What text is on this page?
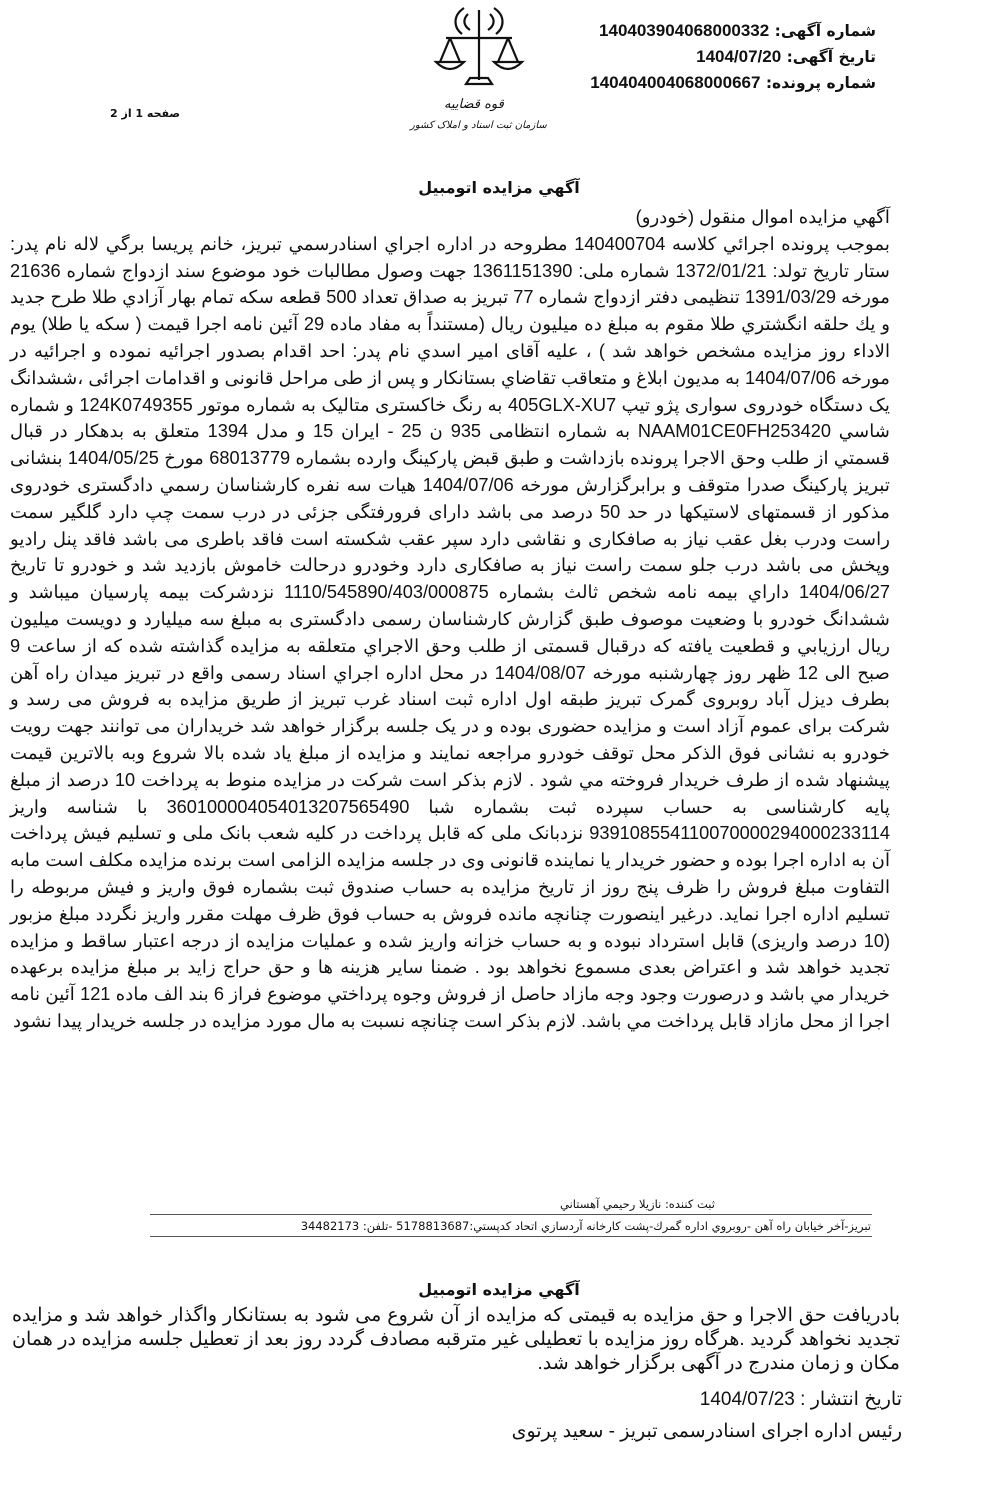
قوه قضاییه
سازمان ثبت اسناد و املاک کشور
شماره آگهی: 140403904068000332
تاریخ آگهی: 1404/07/20
شماره پرونده: 140404004068000667
صفحه 1 از 2
آگهي مزايده اتومبيل

آگهي مزايده اموال منقول (خودرو)

بموجب پرونده اجرائي كلاسه 140400704 مطروحه در اداره اجراي اسنادرسمي تبريز، خانم پريسا برگي لاله نام پدر: ستار تاريخ تولد: 1372/01/21 شماره ملی: 1361151390 جهت وصول مطالبات خود موضوع سند ازدواج شماره 21636 مورخه 1391/03/29 تنظيمی دفتر ازدواج شماره 77 تبريز به صداق تعداد 500 قطعه سكه تمام بهار آزادي طلا طرح جديد و يك حلقه انگشتري طلا مقوم به مبلغ ده ميليون ريال (مستنداً به مفاد ماده 29 آئين نامه اجرا قيمت ( سكه يا طلا) يوم الاداء روز مزايده مشخص خواهد شد ) ، عليه آقای امير اسدي نام پدر: احد اقدام بصدور اجرائيه نموده و اجرائيه در مورخه 1404/07/06 به مديون ابلاغ و متعاقب تقاضاي بستانكار و پس از طی مراحل قانونی و اقدامات اجرائی ،ششدانگ يک دستگاه خودروی سواری پژو تيپ 405GLX-XU7 به رنگ خاکستری متاليک به شماره موتور 124K0749355 و شماره شاسي NAAM01CE0FH253420 به شماره انتظامی 935 ن 25 - ايران 15 و مدل 1394 متعلق به بدهكار در قبال قسمتي از طلب وحق الاجرا پرونده بازداشت و طبق قبض پاركينگ وارده بشماره 68013779 مورخ 1404/05/25 بنشانی تبريز پاركينگ صدرا متوقف و برابرگزارش مورخه 1404/07/06 هيات سه نفره كارشناسان رسمي دادگستری خودروی مذكور از قسمتهای لاستيکها در حد 50 درصد می باشد دارای فرورفتگی جزئی در درب سمت چپ دارد گلگير سمت راست ودرب بغل عقب نياز به صافکاری و نقاشی دارد سپر عقب شکسته است فاقد باطری می باشد فاقد پنل راديو وپخش می باشد درب جلو سمت راست نياز به صافکاری دارد وخودرو درحالت خاموش بازديد شد و خودرو تا تاريخ 1404/06/27 داراي بيمه نامه شخص ثالث بشماره 1110/545890/403/000875 نزدشركت بيمه پارسيان ميباشد و ششدانگ خودرو با وضعيت موصوف طبق گزارش كارشناسان رسمی دادگستری به مبلغ سه ميليارد و دويست ميليون ريال ارزيابي و قطعيت يافته كه درقبال قسمتی از طلب وحق الاجراي متعلقه به مزايده گذاشته شده كه از ساعت 9 صبح الی 12 ظهر روز چهارشنبه مورخه 1404/08/07 در محل اداره اجراي اسناد رسمی واقع در تبريز ميدان راه آهن بطرف ديزل آباد روبروی گمرک تبريز طبقه اول اداره ثبت اسناد غرب تبريز از طريق مزايده به فروش می رسد و شركت برای عموم آزاد است و مزايده حضوری بوده و در يک جلسه برگزار خواهد شد خريداران می توانند جهت رويت خودرو به نشانی فوق الذكر محل توقف خودرو مراجعه نمايند و مزايده از مبلغ ياد شده بالا شروع وبه بالاترين قيمت پيشنهاد شده از طرف خريدار فروخته مي شود . لازم بذكر است شركت در مزايده منوط به پرداخت 10 درصد از مبلغ پايه كارشناسی به حساب سپرده ثبت بشماره شبا 360100004054013207565490 با شناسه واريز 939108554110070000294000233114 نزدبانک ملی كه قابل پرداخت در كليه شعب بانک ملی و تسليم فيش پرداخت آن به اداره اجرا بوده و حضور خريدار يا نماينده قانونی وی در جلسه مزايده الزامی است برنده مزايده مكلف است مابه التفاوت مبلغ فروش را ظرف پنج روز از تاريخ مزايده به حساب صندوق ثبت بشماره فوق واريز و فيش مربوطه را تسليم اداره اجرا نمايد. درغير اينصورت چنانچه مانده فروش به حساب فوق ظرف مهلت مقرر واريز نگردد مبلغ مزبور (10 درصد واريزی) قابل استرداد نبوده و به حساب خزانه واريز شده و عمليات مزايده از درجه اعتبار ساقط و مزايده تجديد خواهد شد و اعتراض بعدی مسموع نخواهد بود . ضمنا ساير هزينه ها و حق حراج زايد بر مبلغ مزايده برعهده خريدار مي باشد و درصورت وجود وجه مازاد حاصل از فروش وجوه پرداختي موضوع فراز 6 بند الف ماده 121 آئين نامه اجرا از محل مازاد قابل پرداخت مي باشد. لازم بذكر است چنانچه نسبت به مال مورد مزايده در جلسه خريدار پيدا نشود

ثبت كننده: نازيلا رحيمي آهستاني
تبريز-آخر خيابان راه آهن -روبروي اداره گمرك-پشت كارخانه آردسازي اتحاد كدپستي:5178813687 -تلفن: 34482173
آگهي مزايده اتومبيل

بادريافت حق الاجرا و حق مزايده به قيمتی كه مزايده از آن شروع می شود به بستانكار واگذار خواهد شد و مزايده تجديد نخواهد گرديد .هرگاه روز مزايده با تعطيلی غير مترقبه مصادف گردد روز بعد از تعطيل جلسه مزايده در همان مكان و زمان مندرج در آگهی برگزار خواهد شد.

تاريخ انتشار : 1404/07/23
رئيس اداره اجرای اسنادرسمی تبريز - سعيد پرتوی
